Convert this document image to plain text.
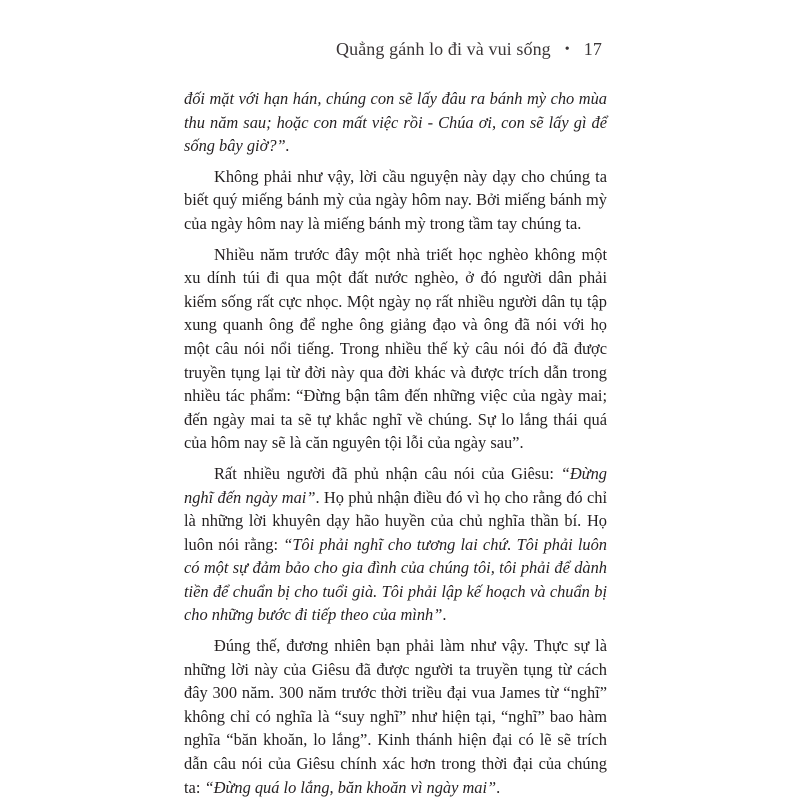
Quẳng gánh lo đi và vui sống • 17

đối mặt với hạn hán, chúng con sẽ lấy đâu ra bánh mỳ cho mùa thu năm sau; hoặc con mất việc rồi - Chúa ơi, con sẽ lấy gì để sống bây giờ?”.

Không phải như vậy, lời cầu nguyện này dạy cho chúng ta biết quý miếng bánh mỳ của ngày hôm nay. Bởi miếng bánh mỳ của ngày hôm nay là miếng bánh mỳ trong tầm tay chúng ta.

Nhiều năm trước đây một nhà triết học nghèo không một xu dính túi đi qua một đất nước nghèo, ở đó người dân phải kiếm sống rất cực nhọc. Một ngày nọ rất nhiều người dân tụ tập xung quanh ông để nghe ông giảng đạo và ông đã nói với họ một câu nói nổi tiếng. Trong nhiều thế kỷ câu nói đó đã được truyền tụng lại từ đời này qua đời khác và được trích dẫn trong nhiều tác phẩm: “Đừng bận tâm đến những việc của ngày mai; đến ngày mai ta sẽ tự khắc nghĩ về chúng. Sự lo lắng thái quá của hôm nay sẽ là căn nguyên tội lỗi của ngày sau”.

Rất nhiều người đã phủ nhận câu nói của Giêsu: “Đừng nghĩ đến ngày mai”. Họ phủ nhận điều đó vì họ cho rằng đó chỉ là những lời khuyên dạy hão huyền của chủ nghĩa thần bí. Họ luôn nói rằng: “Tôi phải nghĩ cho tương lai chứ. Tôi phải luôn có một sự đảm bảo cho gia đình của chúng tôi, tôi phải để dành tiền để chuẩn bị cho tuổi già. Tôi phải lập kế hoạch và chuẩn bị cho những bước đi tiếp theo của mình”.

Đúng thế, đương nhiên bạn phải làm như vậy. Thực sự là những lời này của Giêsu đã được người ta truyền tụng từ cách đây 300 năm. 300 năm trước thời triều đại vua James từ “nghĩ” không chỉ có nghĩa là “suy nghĩ” như hiện tại, “nghĩ” bao hàm nghĩa “băn khoăn, lo lắng”. Kinh thánh hiện đại có lẽ sẽ trích dẫn câu nói của Giêsu chính xác hơn trong thời đại của chúng ta: “Đừng quá lo lắng, băn khoăn vì ngày mai”.
